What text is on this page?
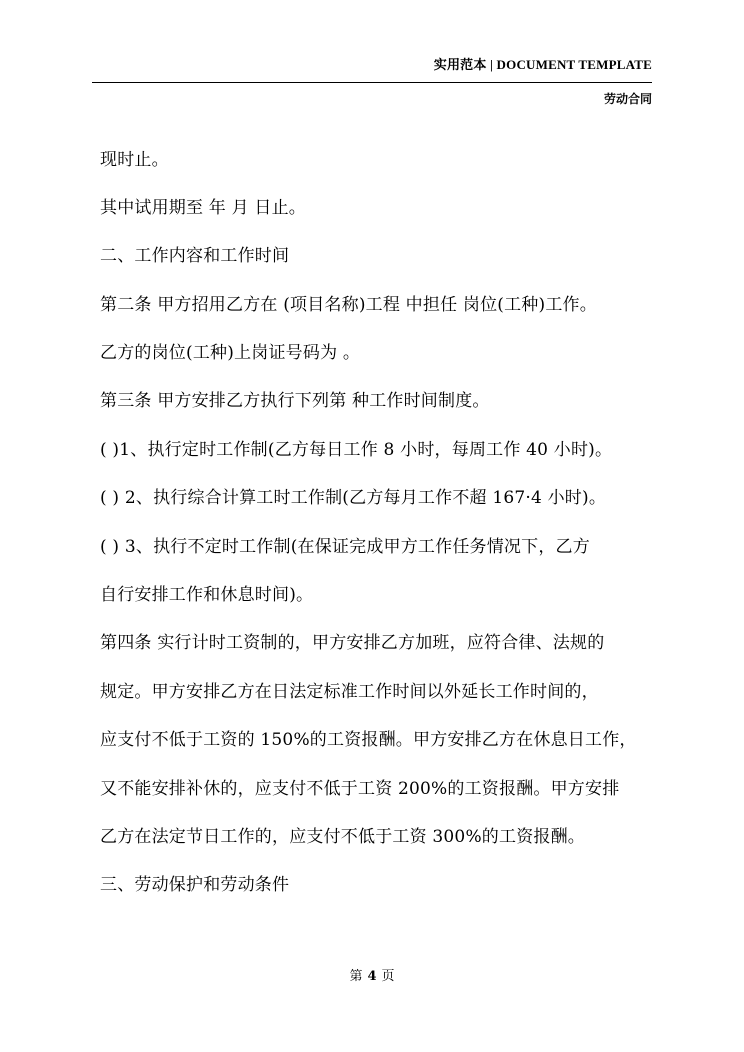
实用范本 | DOCUMENT TEMPLATE
劳动合同
现时止。
其中试用期至 年 月 日止。
二、工作内容和工作时间
第二条 甲方招用乙方在 (项目名称)工程 中担任 岗位(工种)工作。
乙方的岗位(工种)上岗证号码为 。
第三条 甲方安排乙方执行下列第 种工作时间制度。
( )1、执行定时工作制(乙方每日工作 8 小时，每周工作 40 小时)。
( ) 2、执行综合计算工时工作制(乙方每月工作不超 167·4 小时)。
( ) 3、执行不定时工作制(在保证完成甲方工作任务情况下，乙方
自行安排工作和休息时间)。
第四条 实行计时工资制的，甲方安排乙方加班，应符合律、法规的
规定。甲方安排乙方在日法定标准工作时间以外延长工作时间的，
应支付不低于工资的 150%的工资报酬。甲方安排乙方在休息日工作，
又不能安排补休的，应支付不低于工资 200%的工资报酬。甲方安排
乙方在法定节日工作的，应支付不低于工资 300%的工资报酬。
三、劳动保护和劳动条件
第 4 页
